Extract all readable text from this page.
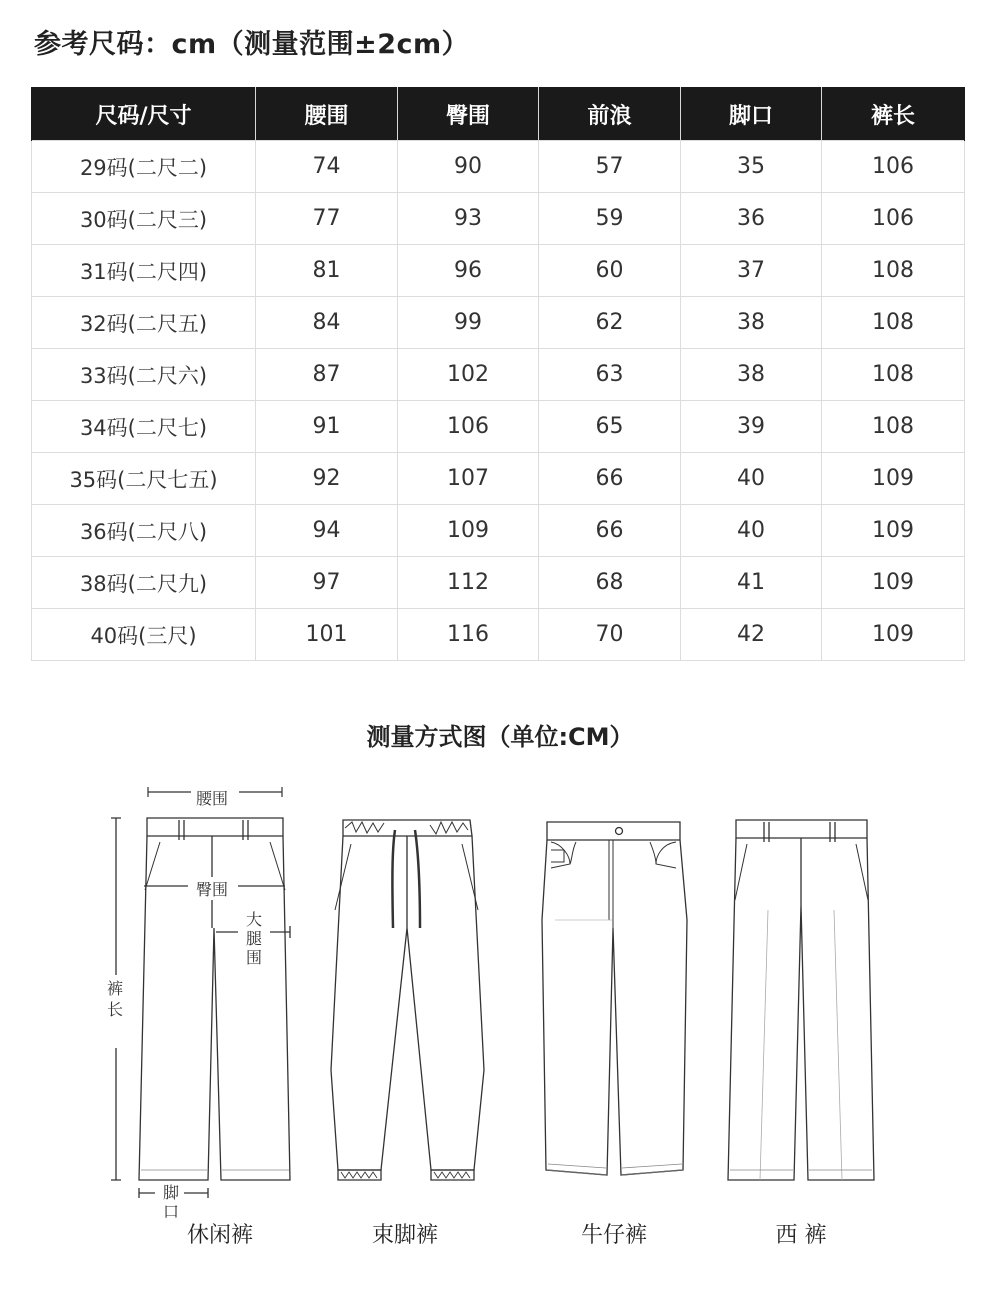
参考尺码：cm（测量范围±2cm）
尺码/尺寸	腰围	臀围	前浪	脚口	裤长
29码(二尺二)	74	90	57	35	106
30码(二尺三)	77	93	59	36	106
31码(二尺四)	81	96	60	37	108
32码(二尺五)	84	99	62	38	108
33码(二尺六)	87	102	63	38	108
34码(二尺七)	91	106	65	39	108
35码(二尺七五)	92	107	66	40	109
36码(二尺八)	94	109	66	40	109
38码(二尺九)	97	112	68	41	109
40码(三尺)	101	116	70	42	109
测量方式图（单位:CM）
腰围
臀围
大
腿
围
裤
长
脚
口
休闲裤	束脚裤	牛仔裤	西 裤
